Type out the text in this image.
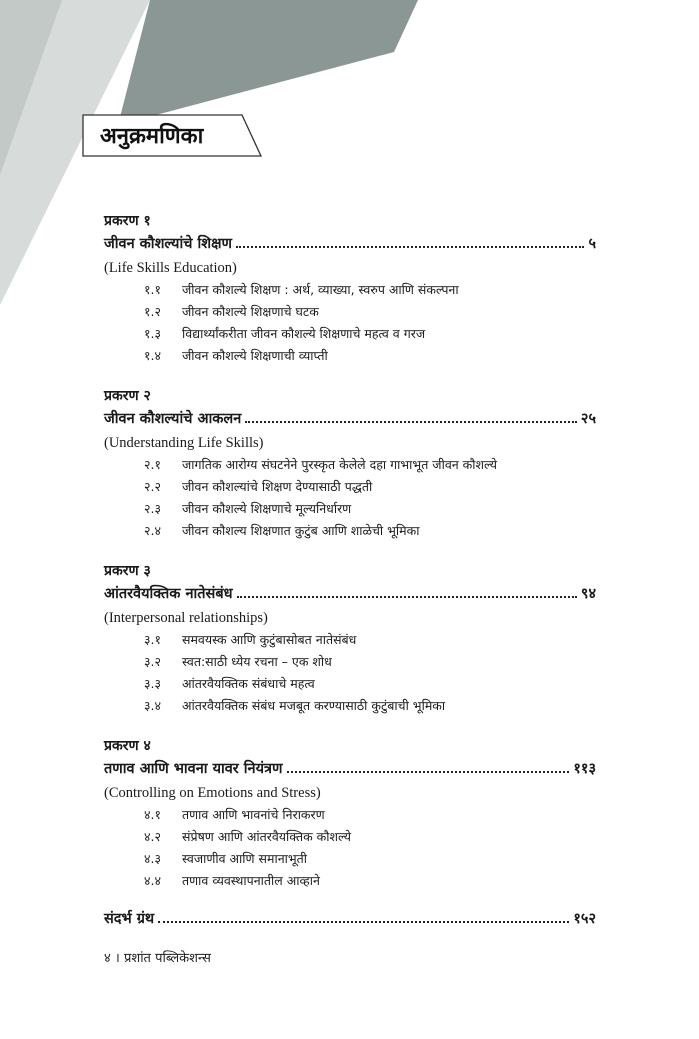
अनुक्रमणिका
प्रकरण १
जीवन कौशल्यांचे शिक्षण	५
(Life Skills Education)
१.१	जीवन कौशल्ये शिक्षण : अर्थ, व्याख्या, स्वरुप आणि संकल्पना
१.२	जीवन कौशल्ये शिक्षणाचे घटक
१.३	विद्यार्थ्यांकरीता जीवन कौशल्ये शिक्षणाचे महत्व व गरज
१.४	जीवन कौशल्ये शिक्षणाची व्याप्ती
प्रकरण २
जीवन कौशल्यांचे आकलन	२५
(Understanding Life Skills)
२.१	जागतिक आरोग्य संघटनेने पुरस्कृत केलेले दहा गाभाभूत जीवन कौशल्ये
२.२	जीवन कौशल्यांचे शिक्षण देण्यासाठी पद्धती
२.३	जीवन कौशल्ये शिक्षणाचे मूल्यनिर्धारण
२.४	जीवन कौशल्य शिक्षणात कुटुंब आणि शाळेची भूमिका
प्रकरण ३
आंतरवैयक्तिक नातेसंबंध	९४
(Interpersonal relationships)
३.१	समवयस्क आणि कुटुंबासोबत नातेसंबंध
३.२	स्वत:साठी ध्येय रचना – एक शोध
३.३	आंतरवैयक्तिक संबंधाचे महत्व
३.४	आंतरवैयक्तिक संबंध मजबूत करण्यासाठी कुटुंबाची भूमिका
प्रकरण ४
तणाव आणि भावना यावर नियंत्रण	११३
(Controlling on Emotions and Stress)
४.१	तणाव आणि भावनांचे निराकरण
४.२	संप्रेषण आणि आंतरवैयक्तिक कौशल्ये
४.३	स्वजाणीव आणि समानाभूती
४.४	तणाव व्यवस्थापनातील आव्हाने
संदर्भ ग्रंथ	१५२
४ । प्रशांत पब्लिकेशन्स
